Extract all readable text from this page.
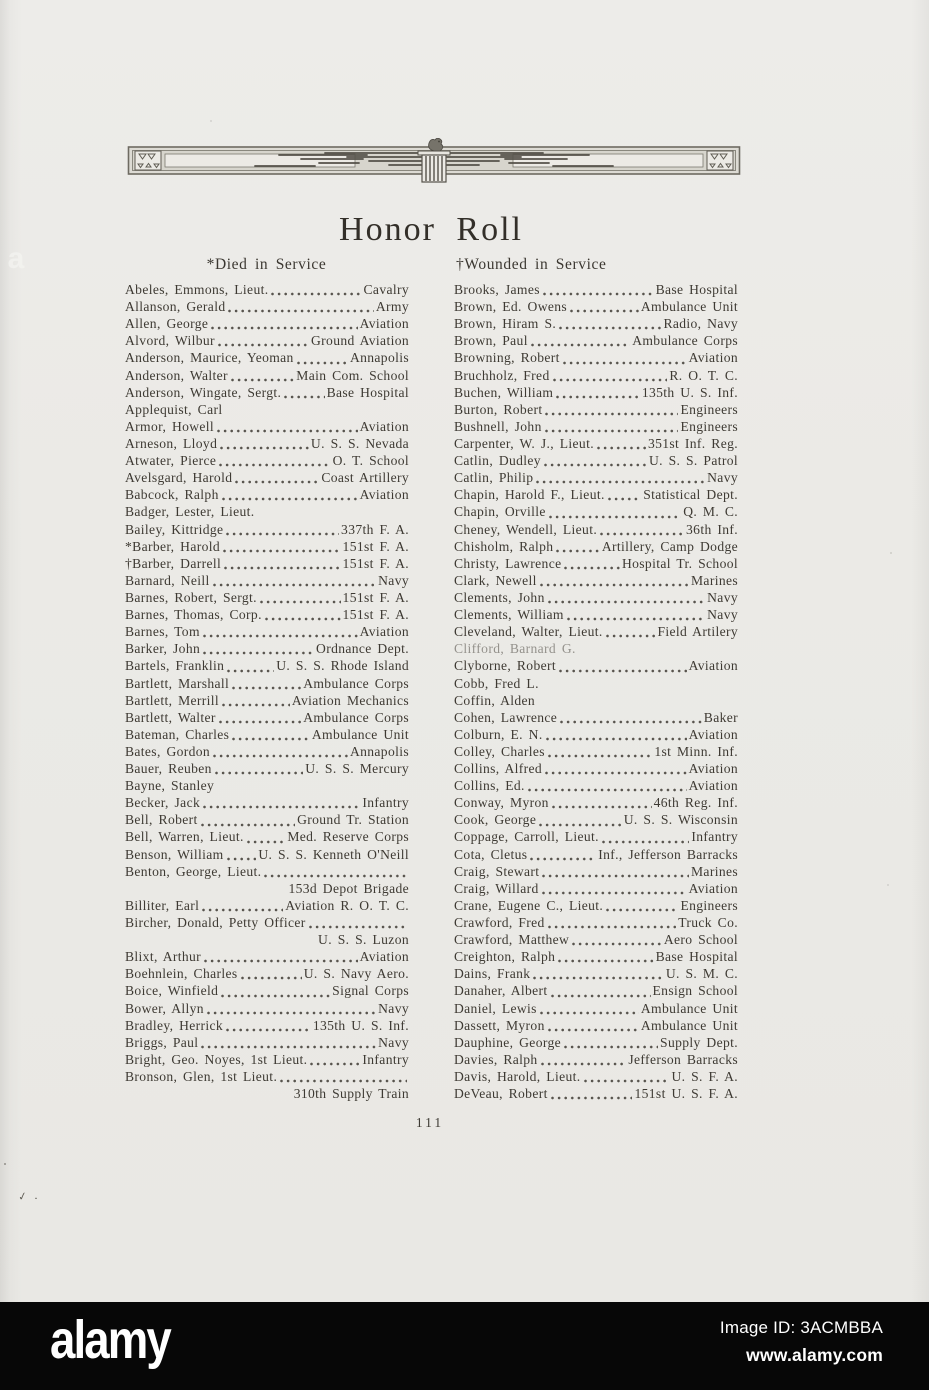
Honor Roll
*Died in Service	†Wounded in Service
Abeles, Emmons, Lieut.	Cavalry
Allanson, Gerald	Army
Allen, George	Aviation
Alvord, Wilbur	Ground Aviation
Anderson, Maurice, Yeoman	Annapolis
Anderson, Walter	Main Com. School
Anderson, Wingate, Sergt.	Base Hospital
Applequist, Carl
Armor, Howell	Aviation
Arneson, Lloyd	U. S. S. Nevada
Atwater, Pierce	O. T. School
Avelsgard, Harold	Coast Artillery
Babcock, Ralph	Aviation
Badger, Lester, Lieut.
Bailey, Kittridge	337th F. A.
*Barber, Harold	151st F. A.
†Barber, Darrell	151st F. A.
Barnard, Neill	Navy
Barnes, Robert, Sergt.	151st F. A.
Barnes, Thomas, Corp.	151st F. A.
Barnes, Tom	Aviation
Barker, John	Ordnance Dept.
Bartels, Franklin	U. S. S. Rhode Island
Bartlett, Marshall	Ambulance Corps
Bartlett, Merrill	Aviation Mechanics
Bartlett, Walter	Ambulance Corps
Bateman, Charles	Ambulance Unit
Bates, Gordon	Annapolis
Bauer, Reuben	U. S. S. Mercury
Bayne, Stanley
Becker, Jack	Infantry
Bell, Robert	Ground Tr. Station
Bell, Warren, Lieut.	Med. Reserve Corps
Benson, William	U. S. S. Kenneth O'Neill
Benton, George, Lieut.
153d Depot Brigade
Billiter, Earl	Aviation R. O. T. C.
Bircher, Donald, Petty Officer
U. S. S. Luzon
Blixt, Arthur	Aviation
Boehnlein, Charles	U. S. Navy Aero.
Boice, Winfield	Signal Corps
Bower, Allyn	Navy
Bradley, Herrick	135th U. S. Inf.
Briggs, Paul	Navy
Bright, Geo. Noyes, 1st Lieut.	Infantry
Bronson, Glen, 1st Lieut.
310th Supply Train
Brooks, James	Base Hospital
Brown, Ed. Owens	Ambulance Unit
Brown, Hiram S.	Radio, Navy
Brown, Paul	Ambulance Corps
Browning, Robert	Aviation
Bruchholz, Fred	R. O. T. C.
Buchen, William	135th U. S. Inf.
Burton, Robert	Engineers
Bushnell, John	Engineers
Carpenter, W. J., Lieut.	351st Inf. Reg.
Catlin, Dudley	U. S. S. Patrol
Catlin, Philip	Navy
Chapin, Harold F., Lieut.	Statistical Dept.
Chapin, Orville	Q. M. C.
Cheney, Wendell, Lieut.	36th Inf.
Chisholm, Ralph	Artillery, Camp Dodge
Christy, Lawrence	Hospital Tr. School
Clark, Newell	Marines
Clements, John	Navy
Clements, William	Navy
Cleveland, Walter, Lieut.	Field Artilery
Clifford, Barnard G.
Clyborne, Robert	Aviation
Cobb, Fred L.
Coffin, Alden
Cohen, Lawrence	Baker
Colburn, E. N.	Aviation
Colley, Charles	1st Minn. Inf.
Collins, Alfred	Aviation
Collins, Ed.	Aviation
Conway, Myron	46th Reg. Inf.
Cook, George	U. S. S. Wisconsin
Coppage, Carroll, Lieut.	Infantry
Cota, Cletus	Inf., Jefferson Barracks
Craig, Stewart	Marines
Craig, Willard	Aviation
Crane, Eugene C., Lieut.	Engineers
Crawford, Fred	Truck Co.
Crawford, Matthew	Aero School
Creighton, Ralph	Base Hospital
Dains, Frank	U. S. M. C.
Danaher, Albert	Ensign School
Daniel, Lewis	Ambulance Unit
Dassett, Myron	Ambulance Unit
Dauphine, George	Supply Dept.
Davies, Ralph	Jefferson Barracks
Davis, Harold, Lieut.	U. S. F. A.
DeVeau, Robert	151st U. S. F. A.
111
✓ ·
a
alamy	Image ID: 3ACMBBA
www.alamy.com
